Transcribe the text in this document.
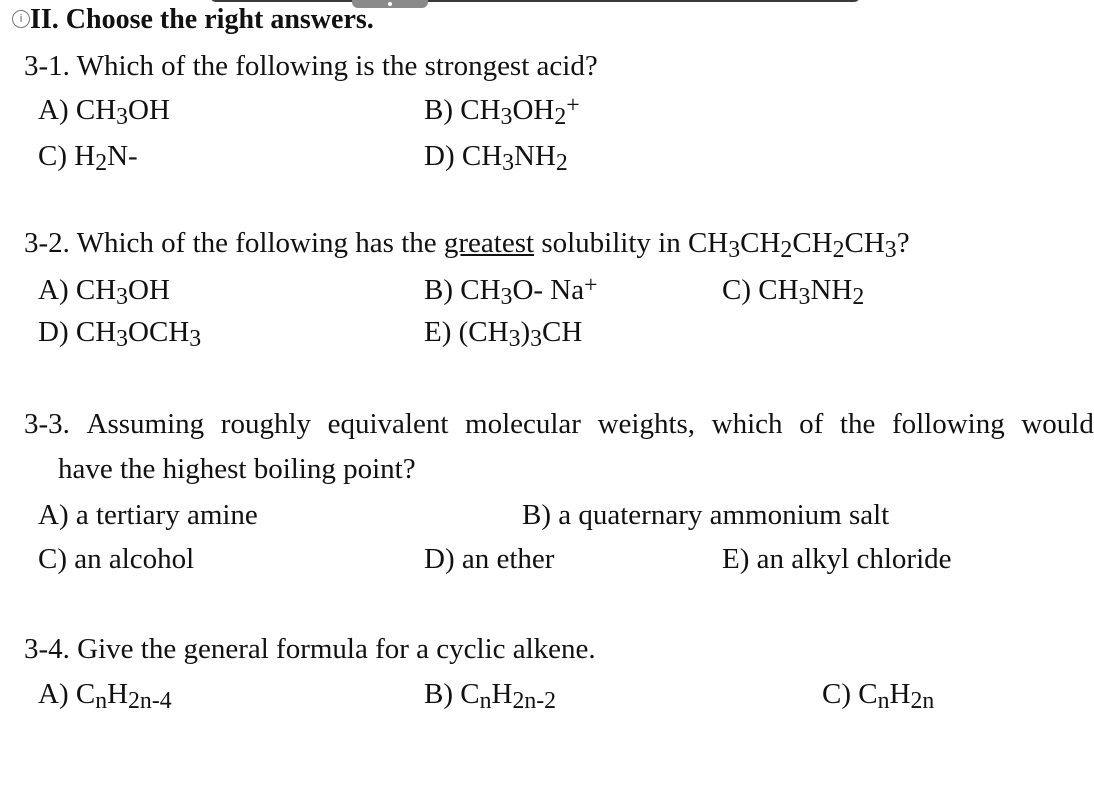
i II. Choose the right answers.
3-1. Which of the following is the strongest acid?
A) $CH_3OH$	B) $CH_3OH_2^+$
C) $H_2N-$	D) $CH_3NH_2$
3-2. Which of the following has the greatest solubility in $CH_3CH_2CH_2CH_3$?
A) $CH_3OH$	B) $CH_3O-$ Na+	C) $CH_3NH_2$
D) $CH_3OCH_3$	E) $(CH_3)_3CH$
3-3. Assuming roughly equivalent molecular weights, which of the following would
have the highest boiling point?
A) a tertiary amine	B) a quaternary ammonium salt
C) an alcohol	D) an ether	E) an alkyl chloride
3-4. Give the general formula for a cyclic alkene.
A) $C_nH_{2n-4}$	B) $C_nH_{2n-2}$	C) $C_nH_{2n}$
